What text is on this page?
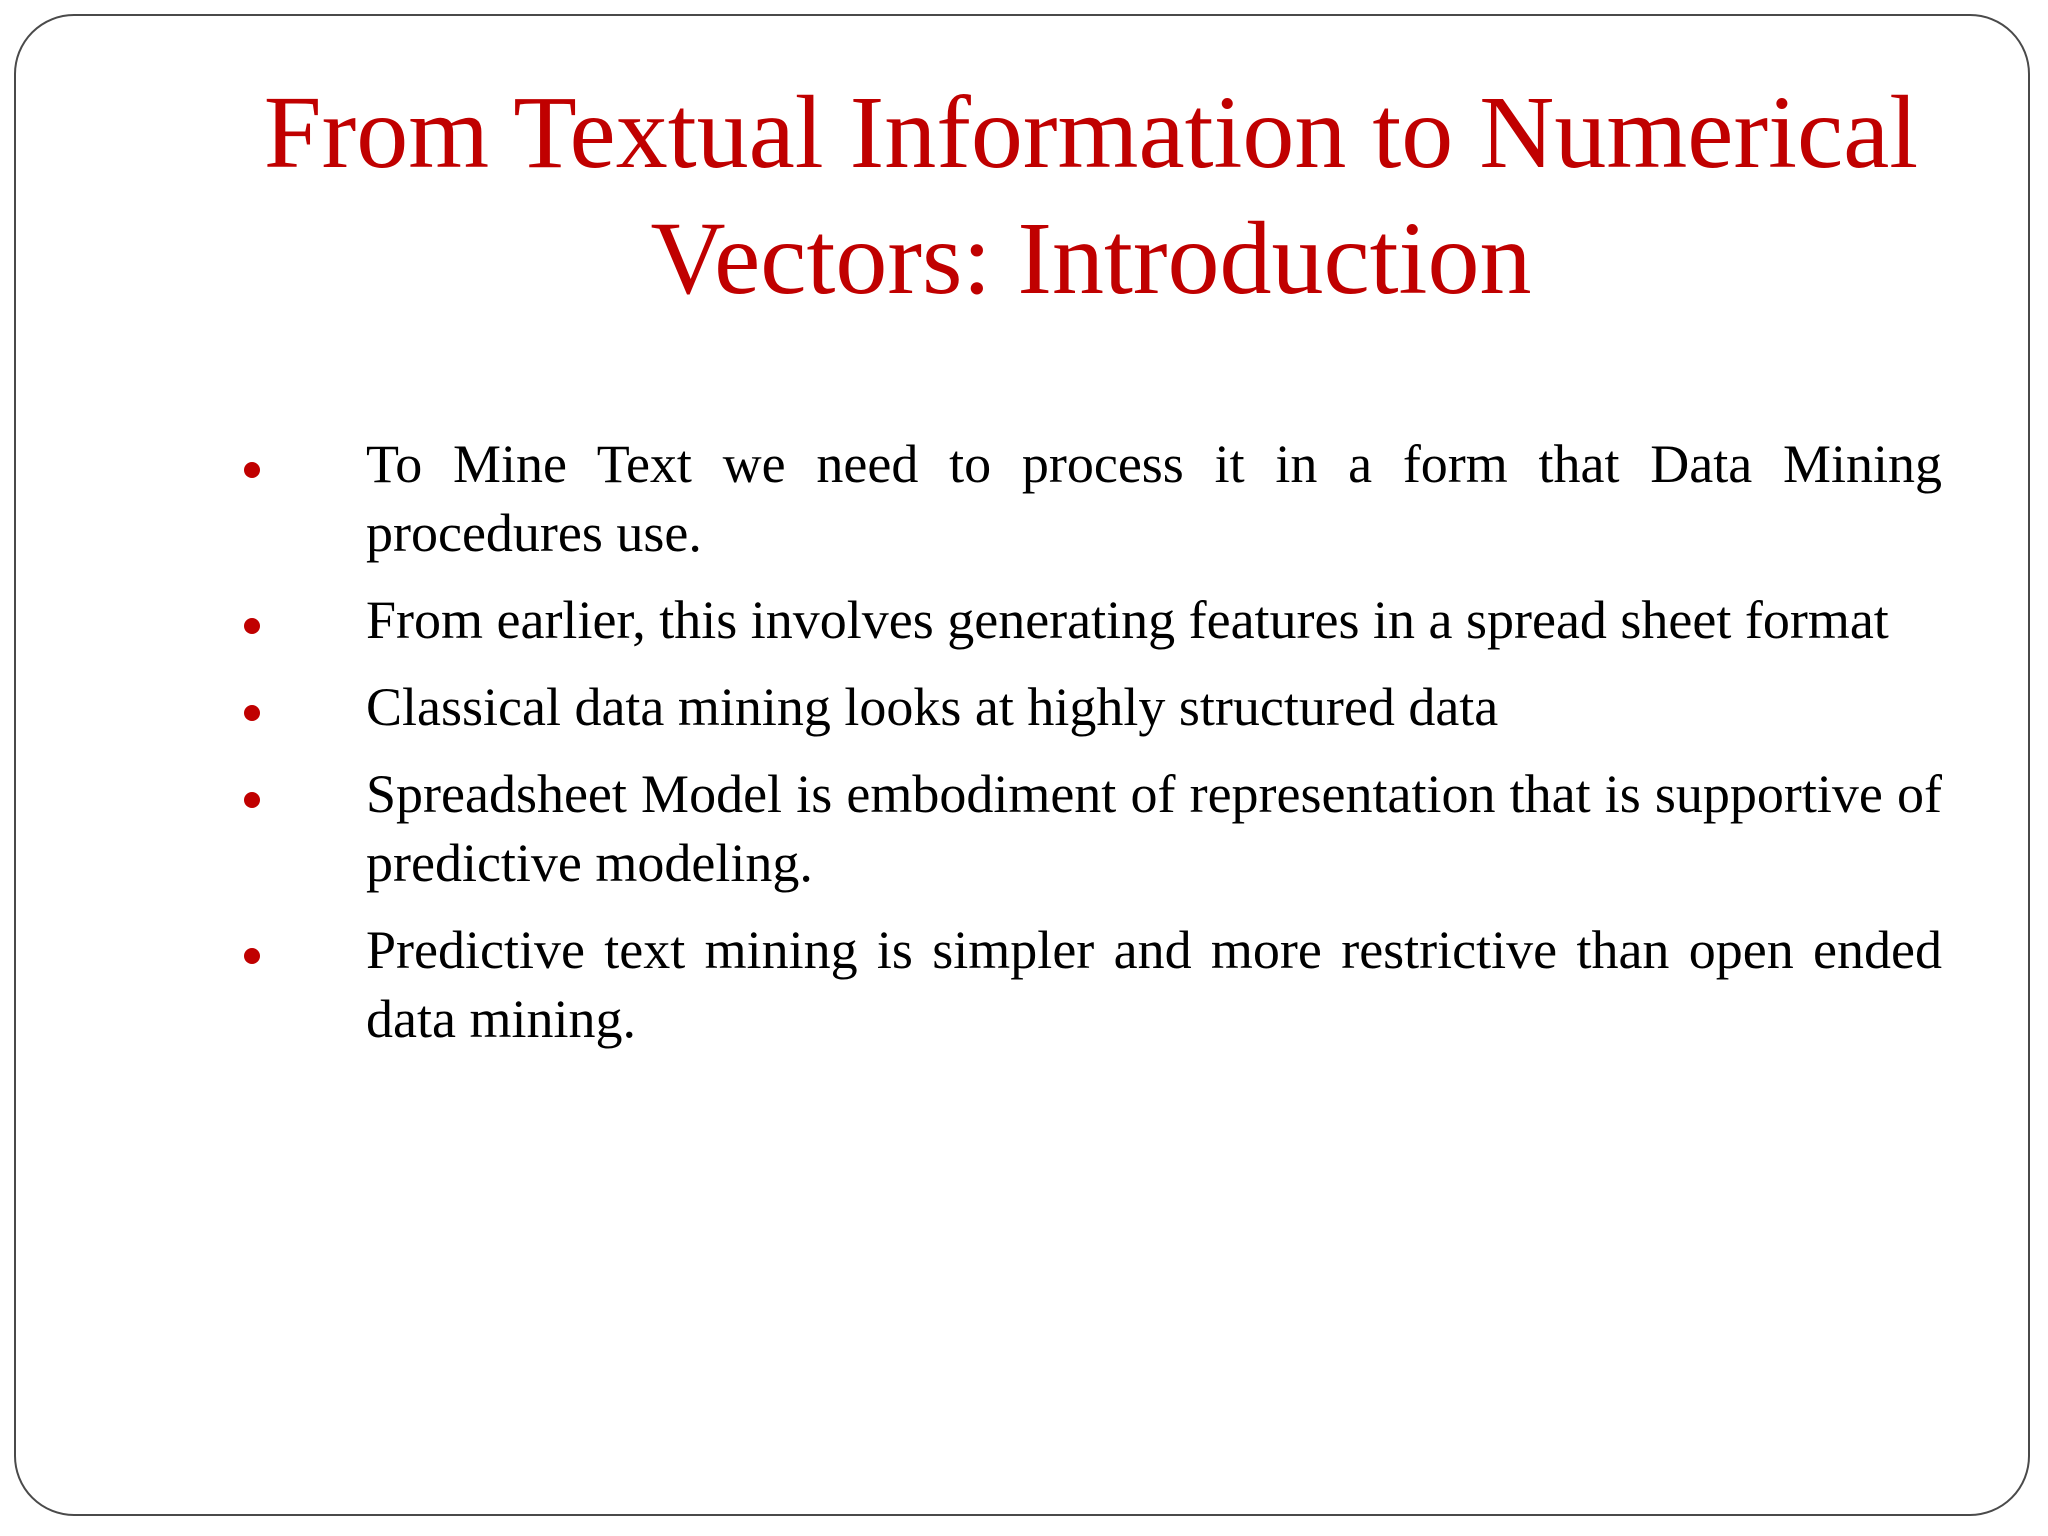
From Textual Information to Numerical Vectors: Introduction
To Mine Text we need to process it in a form that Data Mining procedures use.
From earlier, this involves generating features in a spread sheet format
Classical data mining looks at highly structured data
Spreadsheet Model is embodiment of representation that is supportive of predictive modeling.
Predictive text mining is simpler and more restrictive than open ended data mining.
